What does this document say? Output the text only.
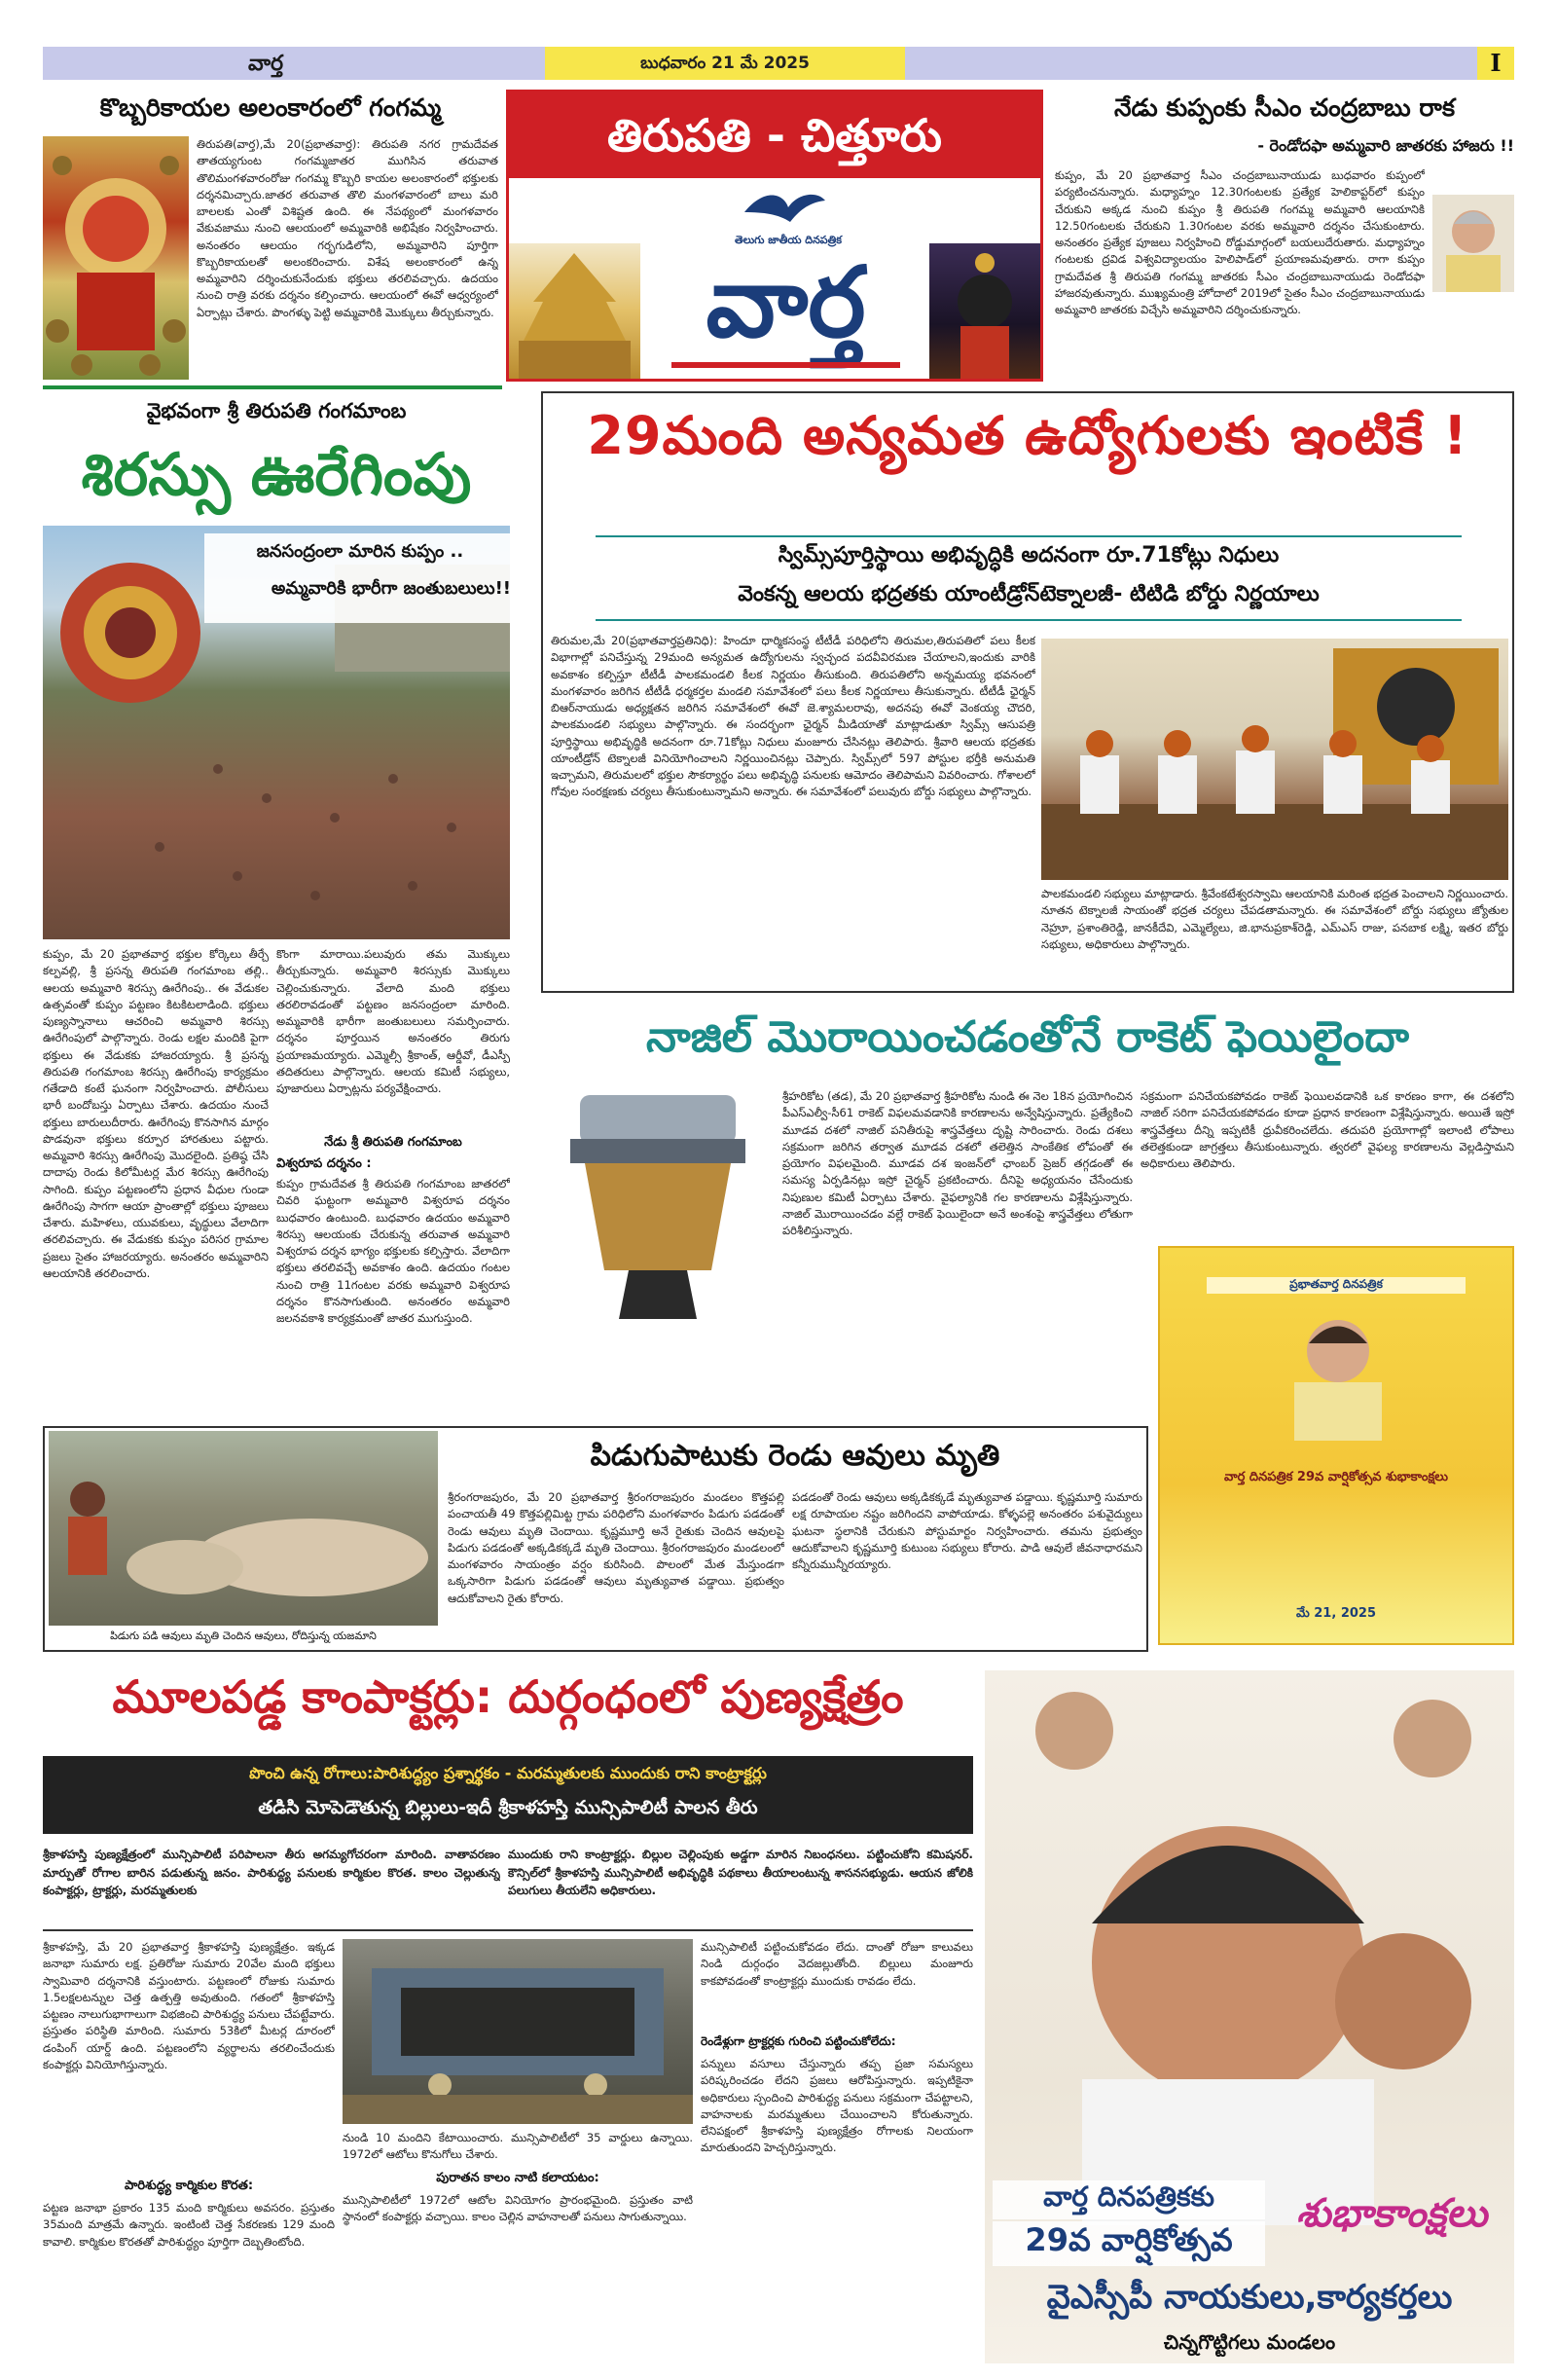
వార్త	బుధవారం 21 మే 2025	I
కొబ్బరికాయల అలంకారంలో గంగమ్మ
తిరుపతి(వార్త),మే 20(ప్రభాతవార్త): తిరుపతి నగర గ్రామదేవత తాతయ్యగుంట గంగమ్మజాతర ముగిసిన తరువాత తొలిమంగళవారంరోజు గంగమ్మ కొబ్బరి కాయల అలంకారంలో భక్తులకు దర్శనమిచ్చారు.జాతర తరువాత తొలి మంగళవారంలో బాలు మరి బాలలకు ఎంతో విశిష్టత ఉంది. ఈ నేపథ్యంలో మంగళవారం వేకువజాము నుంచి ఆలయంలో అమ్మవారికి అభిషేకం నిర్వహించారు. అనంతరం ఆలయం గర్భగుడిలోని, అమ్మవారిని పూర్తిగా కొబ్బరికాయలతో అలంకరించారు. విశేష అలంకారంలో ఉన్న అమ్మవారిని దర్శించుకునేందుకు భక్తులు తరలివచ్చారు. ఉదయం నుంచి రాత్రి వరకు దర్శనం కల్పించారు. ఆలయంలో ఈవో ఆధ్వర్యంలో ఏర్పాట్లు చేశారు. పొంగళ్ళు పెట్టి అమ్మవారికి మొక్కులు తీర్చుకున్నారు.
తిరుపతి - చిత్తూరు
తెలుగు జాతీయ దినపత్రిక
వార్త
నేడు కుప్పంకు సీఎం చంద్రబాబు రాక
- రెండోదఫా అమ్మవారి జాతరకు హాజరు !!
కుప్పం, మే 20 ప్రభాతవార్త సీఎం చంద్రబాబునాయుడు బుధవారం కుప్పంలో పర్యటించనున్నారు. మధ్యాహ్నం 12.30గంటలకు ప్రత్యేక హెలికాప్టర్‌లో కుప్పం చేరుకుని అక్కడ నుంచి కుప్పం శ్రీ తిరుపతి గంగమ్మ అమ్మవారి ఆలయానికి 12.50గంటలకు చేరుకుని 1.30గంటల వరకు అమ్మవారి దర్శనం చేసుకుంటారు. అనంతరం ప్రత్యేక పూజలు నిర్వహించి రోడ్డుమార్గంలో బయలుదేరుతారు. మధ్యాహ్నం గంటలకు ద్రవిడ విశ్వవిద్యాలయం హెలిపాడ్‌లో ప్రయాణమవుతారు. రాగా కుప్పం గ్రామదేవత శ్రీ తిరుపతి గంగమ్మ జాతరకు సీఎం చంద్రబాబునాయుడు రెండోదఫా హాజరవుతున్నారు. ముఖ్యమంత్రి హోదాలో 2019లో సైతం సీఎం చంద్రబాబునాయుడు అమ్మవారి జాతరకు విచ్చేసి అమ్మవారిని దర్శించుకున్నారు.
వైభవంగా శ్రీ తిరుపతి గంగమాంబ
శిరస్సు ఊరేగింపు
జనసంద్రంలా మారిన కుప్పం ..
అమ్మవారికి భారీగా జంతుబలులు!!
కుప్పం, మే 20 ప్రభాతవార్త భక్తుల కోర్కెలు తీర్చే కల్పవల్లి, శ్రీ ప్రసన్న తిరుపతి గంగమాంబ తల్లి.. ఆలయ అమ్మవారి శిరస్సు ఊరేగింపు.. ఈ వేడుకల ఉత్సవంతో కుప్పం పట్టణం కిటకిటలాడింది. భక్తులు పుణ్యస్నానాలు ఆచరించి అమ్మవారి శిరస్సు ఊరేగింపులో పాల్గొన్నారు. రెండు లక్షల మందికి పైగా భక్తులు ఈ వేడుకకు హాజరయ్యారు. శ్రీ ప్రసన్న తిరుపతి గంగమాంబ శిరస్సు ఊరేగింపు కార్యక్రమం గతేడాది కంటే ఘనంగా నిర్వహించారు. పోలీసులు భారీ బందోబస్తు ఏర్పాటు చేశారు. ఉదయం నుంచే భక్తులు బారులుదీరారు. ఊరేగింపు కొనసాగిన మార్గం పొడవునా భక్తులు కర్పూర హారతులు పట్టారు. అమ్మవారి శిరస్సు ఊరేగింపు మొదలైంది. ప్రతిష్ఠ చేసి దాదాపు రెండు కిలోమీటర్ల మేర శిరస్సు ఊరేగింపు సాగింది. కుప్పం పట్టణంలోని ప్రధాన వీధుల గుండా ఊరేగింపు సాగగా ఆయా ప్రాంతాల్లో భక్తులు పూజలు చేశారు. మహిళలు, యువకులు, వృద్ధులు వేలాదిగా తరలివచ్చారు. ఈ వేడుకకు కుప్పం పరిసర గ్రామాల ప్రజలు సైతం హాజరయ్యారు. అనంతరం అమ్మవారిని ఆలయానికి తరలించారు.
కొంగా మారాయి.పలువురు తమ మొక్కులు తీర్చుకున్నారు. అమ్మవారి శిరస్సుకు మొక్కులు చెల్లించుకున్నారు. వేలాది మంది భక్తులు తరలిరావడంతో పట్టణం జనసంద్రంలా మారింది. అమ్మవారికి భారీగా జంతుబలులు సమర్పించారు. దర్శనం పూర్తయిన అనంతరం తిరుగు ప్రయాణమయ్యారు. ఎమ్మెల్సీ శ్రీకాంత్, ఆర్డీవో, డీఎస్పీ తదితరులు పాల్గొన్నారు. ఆలయ కమిటీ సభ్యులు, పూజారులు ఏర్పాట్లను పర్యవేక్షించారు.
నేడు శ్రీ తిరుపతి గంగమాంబ
విశ్వరూప దర్శనం :
కుప్పం గ్రామదేవత శ్రీ తిరుపతి గంగమాంబ జాతరలో చివరి ఘట్టంగా అమ్మవారి విశ్వరూప దర్శనం బుధవారం ఉంటుంది. బుధవారం ఉదయం అమ్మవారి శిరస్సు ఆలయంకు చేరుకున్న తరువాత అమ్మవారి విశ్వరూప దర్శన భాగ్యం భక్తులకు కల్పిస్తారు. వేలాదిగా భక్తులు తరలివచ్చే అవకాశం ఉంది. ఉదయం గంటల నుంచి రాత్రి 11గంటల వరకు అమ్మవారి విశ్వరూప దర్శనం కొనసాగుతుంది. అనంతరం అమ్మవారి జలనవకాశి కార్యక్రమంతో జాతర ముగుస్తుంది.
29మంది అన్యమత ఉద్యోగులకు ఇంటికే !
స్విమ్స్‌పూర్తిస్థాయి అభివృద్ధికి అదనంగా రూ.71కోట్లు నిధులు
వెంకన్న ఆలయ భద్రతకు యాంటీడ్రోన్‌టెక్నాలజీ- టిటిడి బోర్డు నిర్ణయాలు
తిరుమల,మే 20(ప్రభాతవార్తప్రతినిధి): హిందూ ధార్మికసంస్థ టీటీడీ పరిధిలోని తిరుమల,తిరుపతిలో పలు కీలక విభాగాల్లో పనిచేస్తున్న 29మంది అన్యమత ఉద్యోగులను స్వచ్ఛంద పదవీవిరమణ చేయాలని,ఇందుకు వారికి అవకాశం కల్పిస్తూ టీటీడీ పాలకమండలి కీలక నిర్ణయం తీసుకుంది. తిరుపతిలోని అన్నమయ్య భవనంలో మంగళవారం జరిగిన టీటీడీ ధర్మకర్తల మండలి సమావేశంలో పలు కీలక నిర్ణయాలు తీసుకున్నారు. టీటీడీ ఛైర్మన్ బిఆర్‌నాయుడు అధ్యక్షతన జరిగిన సమావేశంలో ఈవో జె.శ్యామలరావు, అదనపు ఈవో వెంకయ్య చౌదరి, పాలకమండలి సభ్యులు పాల్గొన్నారు. ఈ సందర్భంగా ఛైర్మన్ మీడియాతో మాట్లాడుతూ స్విమ్స్ ఆసుపత్రి పూర్తిస్థాయి అభివృద్ధికి అదనంగా రూ.71కోట్లు నిధులు మంజూరు చేసినట్లు తెలిపారు. శ్రీవారి ఆలయ భద్రతకు యాంటీడ్రోన్ టెక్నాలజీ వినియోగించాలని నిర్ణయించినట్లు చెప్పారు. స్విమ్స్‌లో 597 పోస్టుల భర్తీకి అనుమతి ఇచ్చామని, తిరుమలలో భక్తుల సౌకర్యార్థం పలు అభివృద్ధి పనులకు ఆమోదం తెలిపామని వివరించారు. గోశాలలో గోవుల సంరక్షణకు చర్యలు తీసుకుంటున్నామని అన్నారు. ఈ సమావేశంలో పలువురు బోర్డు సభ్యులు పాల్గొన్నారు.
పాలకమండలి సభ్యులు మాట్లాడారు. శ్రీవేంకటేశ్వరస్వామి ఆలయానికి మరింత భద్రత పెంచాలని నిర్ణయించారు. నూతన టెక్నాలజీ సాయంతో భద్రత చర్యలు చేపడతామన్నారు. ఈ సమావేశంలో బోర్డు సభ్యులు జ్యోతుల నెహ్రూ, ప్రశాంతిరెడ్డి, జానకీదేవి, ఎమ్మెల్యేలు, జి.భానుప్రకాశ్‌రెడ్డి, ఎమ్‌ఎస్ రాజు, పనబాక లక్ష్మి, ఇతర బోర్డు సభ్యులు, అధికారులు పాల్గొన్నారు.
నాజిల్ మొరాయించడంతోనే రాకెట్ ఫెయిలైందా
శ్రీహరికోట (తడ), మే 20 ప్రభాతవార్త శ్రీహరికోట నుండి ఈ నెల 18న ప్రయోగించిన పీఎస్ఎల్వీ-సీ61 రాకెట్ విఫలమవడానికి కారణాలను అన్వేషిస్తున్నారు. ప్రత్యేకించి మూడవ దశలో నాజిల్ పనితీరుపై శాస్త్రవేత్తలు దృష్టి సారించారు. రెండు దశలు సక్రమంగా జరిగిన తర్వాత మూడవ దశలో తలెత్తిన సాంకేతిక లోపంతో ఈ ప్రయోగం విఫలమైంది. మూడవ దశ ఇంజన్‌లో ఛాంబర్ ప్రెజర్ తగ్గడంతో ఈ సమస్య ఏర్పడినట్లు ఇస్రో చైర్మన్ ప్రకటించారు. దీనిపై అధ్యయనం చేసేందుకు నిపుణుల కమిటీ ఏర్పాటు చేశారు. వైఫల్యానికి గల కారణాలను విశ్లేషిస్తున్నారు. నాజిల్ మొరాయించడం వల్లే రాకెట్ ఫెయిలైందా అనే అంశంపై శాస్త్రవేత్తలు లోతుగా పరిశీలిస్తున్నారు.
సక్రమంగా పనిచేయకపోవడం రాకెట్ ఫెయిలవడానికి ఒక కారణం కాగా, ఈ దశలోని నాజిల్ సరిగా పనిచేయకపోవడం కూడా ప్రధాన కారణంగా విశ్లేషిస్తున్నారు. అయితే ఇస్రో శాస్త్రవేత్తలు దీన్ని ఇప్పటికీ ధ్రువీకరించలేదు. తదుపరి ప్రయోగాల్లో ఇలాంటి లోపాలు తలెత్తకుండా జాగ్రత్తలు తీసుకుంటున్నారు. త్వరలో వైఫల్య కారణాలను వెల్లడిస్తామని అధికారులు తెలిపారు.
ప్రభాతవార్త దినపత్రిక
వార్త దినపత్రిక 29వ వార్షికోత్సవ శుభాకాంక్షలు
మే 21, 2025
పిడుగు పడి ఆవులు మృతి చెందిన ఆవులు, రోదిస్తున్న యజమాని
పిడుగుపాటుకు రెండు ఆవులు మృతి
శ్రీరంగరాజపురం, మే 20 ప్రభాతవార్త శ్రీరంగరాజపురం మండలం కొత్తపల్లి పంచాయతీ 49 కొత్తపల్లిమిట్ట గ్రామ పరిధిలోని మంగళవారం పిడుగు పడడంతో రెండు ఆవులు మృతి చెందాయి. కృష్ణమూర్తి అనే రైతుకు చెందిన ఆవులపై పిడుగు పడడంతో అక్కడికక్కడే మృతి చెందాయి. శ్రీరంగరాజపురం మండలంలో మంగళవారం సాయంత్రం వర్షం కురిసింది. పొలంలో మేత మేస్తుండగా ఒక్కసారిగా పిడుగు పడడంతో ఆవులు మృత్యువాత పడ్డాయి. ప్రభుత్వం ఆదుకోవాలని రైతు కోరారు.
పడడంతో రెండు ఆవులు అక్కడికక్కడే మృత్యువాత పడ్డాయి. కృష్ణమూర్తి సుమారు లక్ష రూపాయల నష్టం జరిగిందని వాపోయాడు. కోళ్ళపల్లె అనంతరం పశువైద్యులు ఘటనా స్థలానికి చేరుకుని పోస్టుమార్టం నిర్వహించారు. తమను ప్రభుత్వం ఆదుకోవాలని కృష్ణమూర్తి కుటుంబ సభ్యులు కోరారు. పాడి ఆవులే జీవనాధారమని కన్నీరుమున్నీరయ్యారు.
మూలపడ్డ కాంపాక్టర్లు: దుర్గంధంలో పుణ్యక్షేత్రం
పొంచి ఉన్న రోగాలు:పారిశుద్ధ్యం ప్రశ్నార్థకం - మరమ్మతులకు ముందుకు రాని కాంట్రాక్టర్లు
తడిసి మోపెడౌతున్న బిల్లులు-ఇదీ శ్రీకాళహస్తి మున్సిపాలిటీ పాలన తీరు
శ్రీకాళహస్తి పుణ్యక్షేత్రంలో మున్సిపాలిటీ పరిపాలనా తీరు అగమ్యగోచరంగా మారింది. వాతావరణం మార్పుతో రోగాల బారిన పడుతున్న జనం. పారిశుద్ధ్య పనులకు కార్మికుల కొరత. కాలం చెల్లుతున్న కంపాక్టర్లు, ట్రాక్టర్లు, మరమ్మతులకు
ముందుకు రాని కాంట్రాక్టర్లు. బిల్లుల చెల్లింపుకు అడ్డగా మారిన నిబంధనలు. పట్టించుకోని కమిషనర్. కౌన్సిల్‌లో శ్రీకాళహస్తి మున్సిపాలిటీ అభివృద్ధికి పథకాలు తీయాలంటున్న శాసనసభ్యుడు. ఆయన జోలికి పలుగులు తీయలేని అధికారులు.
శ్రీకాళహస్తి, మే 20 ప్రభాతవార్త శ్రీకాళహస్తి పుణ్యక్షేత్రం. ఇక్కడ జనాభా సుమారు లక్ష. ప్రతిరోజు సుమారు 20వేల మంది భక్తులు స్వామివారి దర్శనానికి వస్తుంటారు. పట్టణంలో రోజుకు సుమారు 1.5లక్షలటన్నుల చెత్త ఉత్పత్తి అవుతుంది. గతంలో శ్రీకాళహస్తి పట్టణం నాలుగుభాగాలుగా విభజించి పారిశుద్ధ్య పనులు చేపట్టేవారు. ప్రస్తుతం పరిస్థితి మారింది. సుమారు 53కిలో మీటర్ల దూరంలో డంపింగ్ యార్డ్ ఉంది. పట్టణంలోని వ్యర్థాలను తరలించేందుకు కంపాక్టర్లు వినియోగిస్తున్నారు.
పారిశుద్ధ్య కార్మికుల కొరత:
పట్టణ జనాభా ప్రకారం 135 మంది కార్మికులు అవసరం. ప్రస్తుతం 35మంది మాత్రమే ఉన్నారు. ఇంటింటి చెత్త సేకరణకు 129 మంది కావాలి. కార్మికుల కొరతతో పారిశుద్ధ్యం పూర్తిగా దెబ్బతింటోంది.
నుండి 10 మందిని కేటాయించారు. మున్సిపాలిటీలో 35 వార్డులు ఉన్నాయి. 1972లో ఆటోలు కొనుగోలు చేశారు.
పురాతన కాలం నాటి కలాయటం:
మున్సిపాలిటీలో 1972లో ఆటోల వినియోగం ప్రారంభమైంది. ప్రస్తుతం వాటి స్థానంలో కంపాక్టర్లు వచ్చాయి. కాలం చెల్లిన వాహనాలతో పనులు సాగుతున్నాయి.
మున్సిపాలిటీ పట్టించుకోవడం లేదు. దాంతో రోజూ కాలువలు నిండి దుర్గంధం వెదజల్లుతోంది. బిల్లులు మంజూరు కాకపోవడంతో కాంట్రాక్టర్లు ముందుకు రావడం లేదు.
రెండేళ్లుగా ట్రాక్టర్లకు గురించి పట్టించుకోలేదు:
పన్నులు వసూలు చేస్తున్నారు తప్ప ప్రజా సమస్యలు పరిష్కరించడం లేదని ప్రజలు ఆరోపిస్తున్నారు. ఇప్పటికైనా అధికారులు స్పందించి పారిశుద్ధ్య పనులు సక్రమంగా చేపట్టాలని, వాహనాలకు మరమ్మతులు చేయించాలని కోరుతున్నారు. లేనిపక్షంలో శ్రీకాళహస్తి పుణ్యక్షేత్రం రోగాలకు నిలయంగా మారుతుందని హెచ్చరిస్తున్నారు.
వార్త దినపత్రికకు
29వ వార్షికోత్సవ
శుభాకాంక్షలు
వైఎస్సీపీ నాయకులు,కార్యకర్తలు
చిన్నగొట్టిగలు మండలం
